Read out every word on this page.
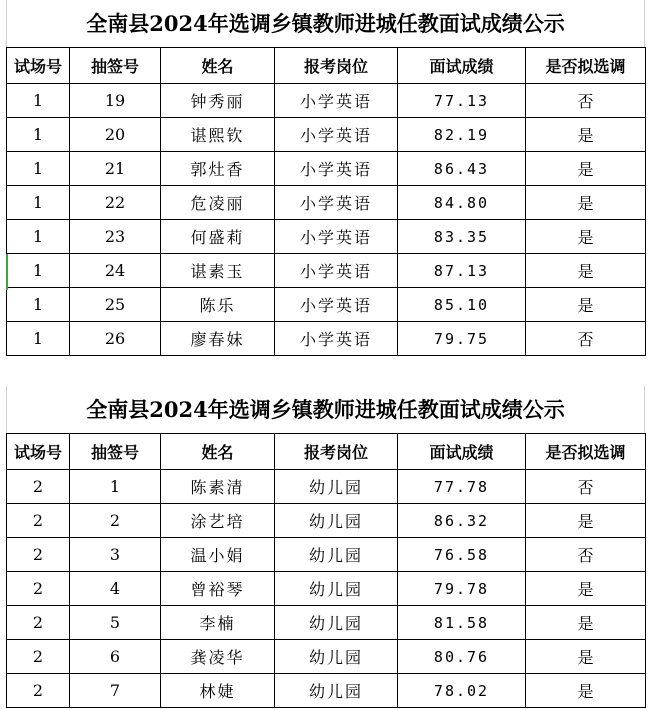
全南县2024年选调乡镇教师进城任教面试成绩公示
试场号	抽签号	姓名	报考岗位	面试成绩	是否拟选调
1	19	钟秀丽	小学英语	77.13	否
1	20	谌熙钦	小学英语	82.19	是
1	21	郭灶香	小学英语	86.43	是
1	22	危凌丽	小学英语	84.80	是
1	23	何盛莉	小学英语	83.35	是
1	24	谌素玉	小学英语	87.13	是
1	25	陈乐	小学英语	85.10	是
1	26	廖春妹	小学英语	79.75	否
全南县2024年选调乡镇教师进城任教面试成绩公示
试场号	抽签号	姓名	报考岗位	面试成绩	是否拟选调
2	1	陈素清	幼儿园	77.78	否
2	2	涂艺培	幼儿园	86.32	是
2	3	温小娟	幼儿园	76.58	否
2	4	曾裕琴	幼儿园	79.78	是
2	5	李楠	幼儿园	81.58	是
2	6	龚凌华	幼儿园	80.76	是
2	7	林婕	幼儿园	78.02	是
